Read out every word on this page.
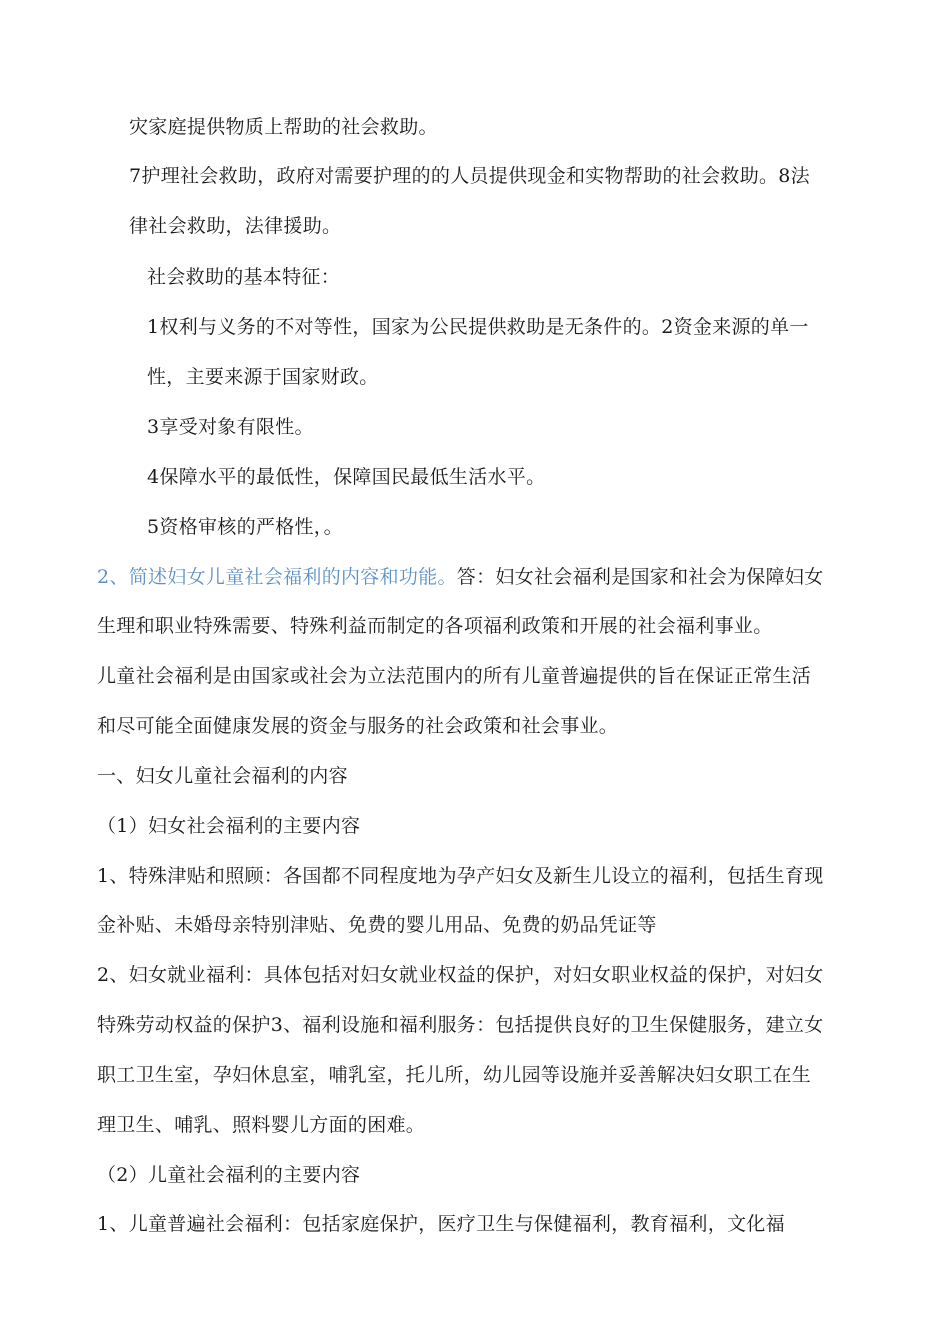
灾家庭提供物质上帮助的社会救助。
7护理社会救助，政府对需要护理的的人员提供现金和实物帮助的社会救助。8法
律社会救助，法律援助。
社会救助的基本特征：
1权利与义务的不对等性，国家为公民提供救助是无条件的。2资金来源的单一
性，主要来源于国家财政。
3享受对象有限性。
4保障水平的最低性，保障国民最低生活水平。
5资格审核的严格性，。
2、简述妇女儿童社会福利的内容和功能。答：妇女社会福利是国家和社会为保障妇女
生理和职业特殊需要、特殊利益而制定的各项福利政策和开展的社会福利事业。
儿童社会福利是由国家或社会为立法范围内的所有儿童普遍提供的旨在保证正常生活
和尽可能全面健康发展的资金与服务的社会政策和社会事业。
一、妇女儿童社会福利的内容
（1）妇女社会福利的主要内容
1、特殊津贴和照顾：各国都不同程度地为孕产妇女及新生儿设立的福利，包括生育现
金补贴、未婚母亲特别津贴、免费的婴儿用品、免费的奶品凭证等
2、妇女就业福利：具体包括对妇女就业权益的保护，对妇女职业权益的保护，对妇女
特殊劳动权益的保护3、福利设施和福利服务：包括提供良好的卫生保健服务，建立女
职工卫生室，孕妇休息室，哺乳室，托儿所，幼儿园等设施并妥善解决妇女职工在生
理卫生、哺乳、照料婴儿方面的困难。
（2）儿童社会福利的主要内容
1、儿童普遍社会福利：包括家庭保护，医疗卫生与保健福利，教育福利，文化福
